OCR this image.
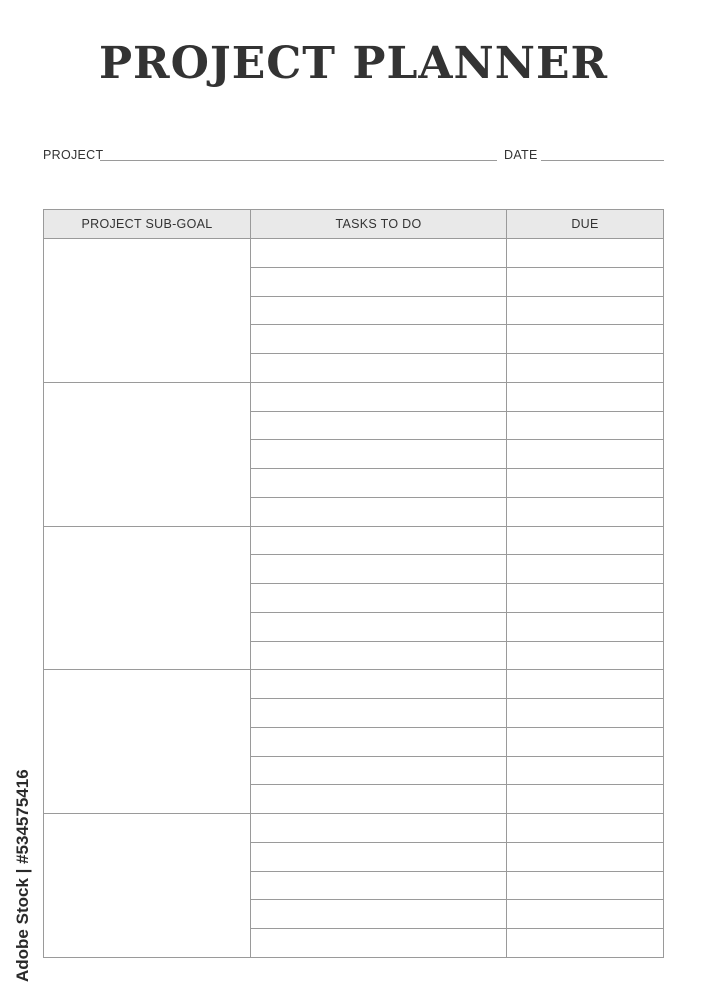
PROJECT PLANNER
PROJECT	DATE
PROJECT SUB-GOAL	TASKS TO DO	DUE

Adobe Stock | #534575416
